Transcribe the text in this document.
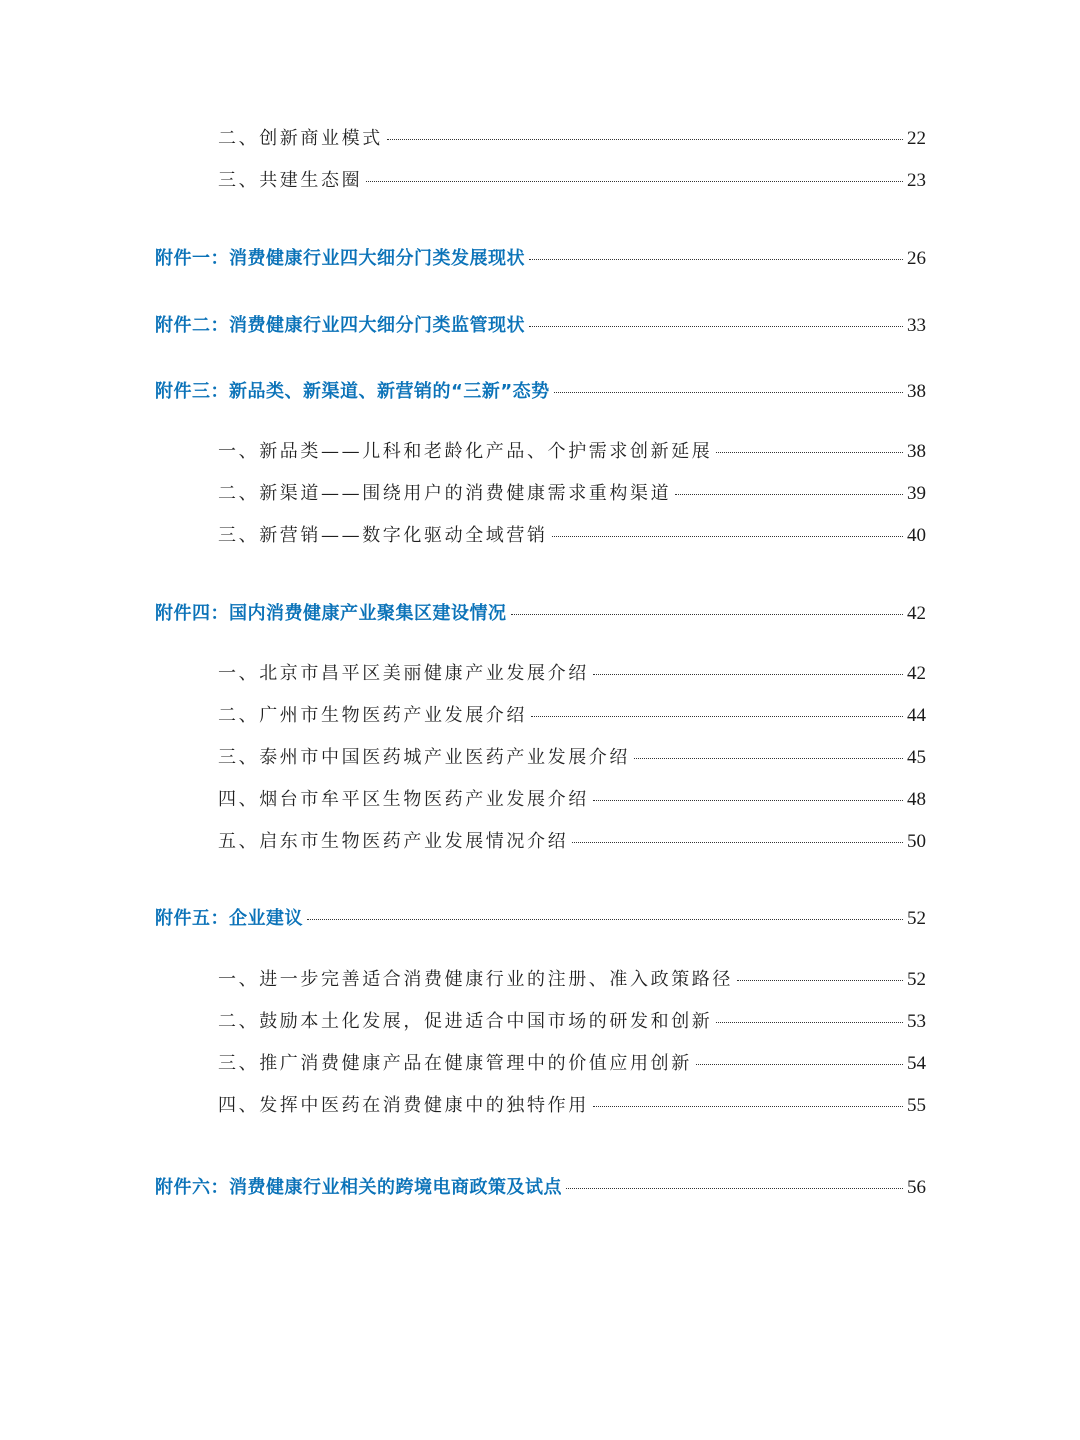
二、创新商业模式	22
三、共建生态圈	23
附件一：消费健康行业四大细分门类发展现状	26
附件二：消费健康行业四大细分门类监管现状	33
附件三：新品类、新渠道、新营销的“三新”态势	38
一、新品类——儿科和老龄化产品、个护需求创新延展	38
二、新渠道——围绕用户的消费健康需求重构渠道	39
三、新营销——数字化驱动全域营销	40
附件四：国内消费健康产业聚集区建设情况	42
一、北京市昌平区美丽健康产业发展介绍	42
二、广州市生物医药产业发展介绍	44
三、泰州市中国医药城产业医药产业发展介绍	45
四、烟台市牟平区生物医药产业发展介绍	48
五、启东市生物医药产业发展情况介绍	50
附件五：企业建议	52
一、进一步完善适合消费健康行业的注册、准入政策路径	52
二、鼓励本土化发展，促进适合中国市场的研发和创新	53
三、推广消费健康产品在健康管理中的价值应用创新	54
四、发挥中医药在消费健康中的独特作用	55
附件六：消费健康行业相关的跨境电商政策及试点	56
